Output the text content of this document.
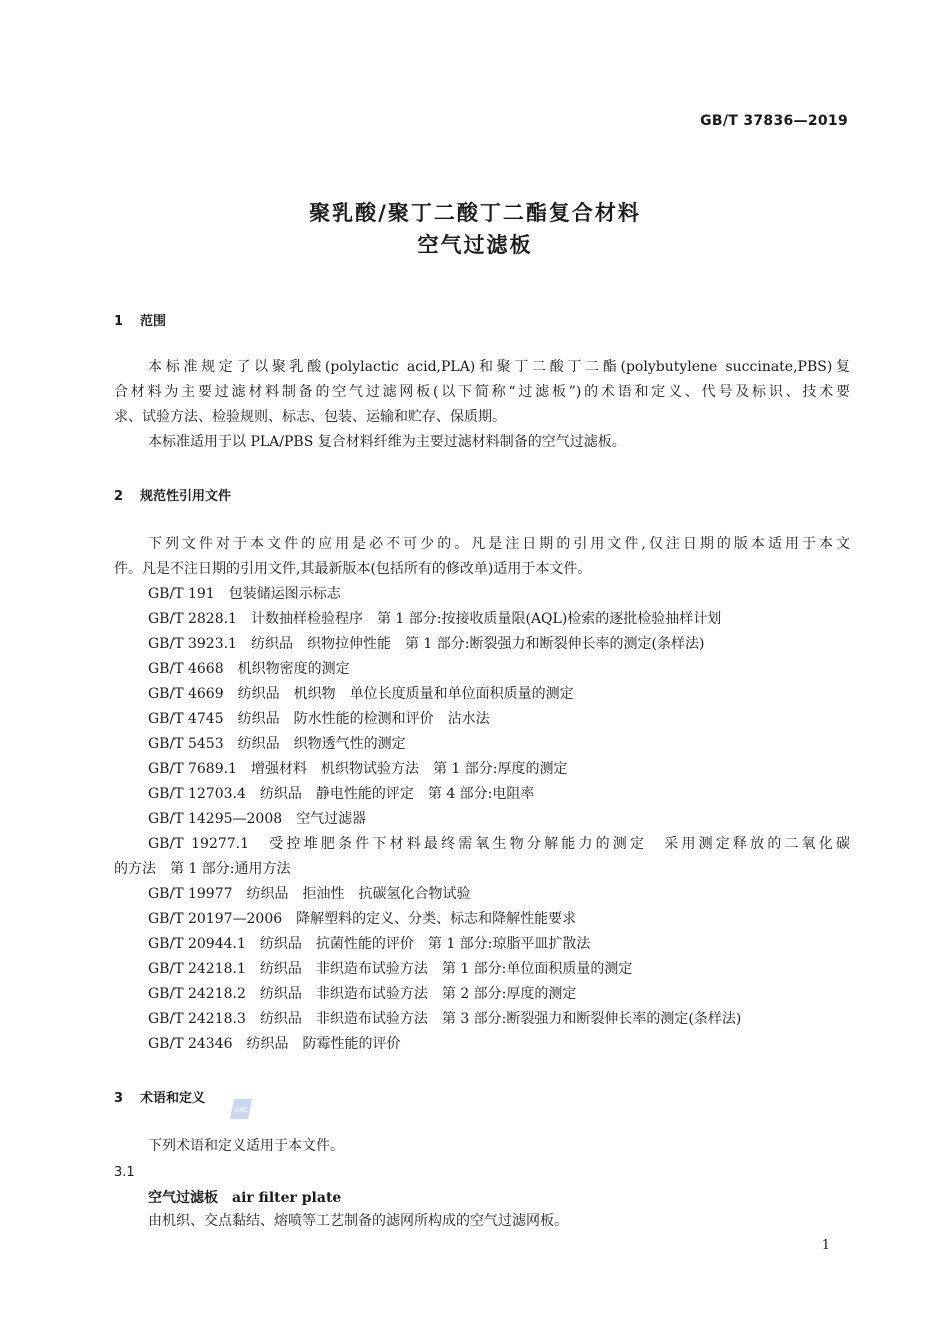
GB/T 37836—2019
聚乳酸/聚丁二酸丁二酯复合材料
空气过滤板
1 范围
本标准规定了以聚乳酸(polylactic acid,PLA)和聚丁二酸丁二酯(polybutylene succinate,PBS)复
合材料为主要过滤材料制备的空气过滤网板(以下简称“过滤板”)的术语和定义、代号及标识、技术要
求、试验方法、检验规则、标志、包装、运输和贮存、保质期。
本标准适用于以 PLA/PBS 复合材料纤维为主要过滤材料制备的空气过滤板。
2 规范性引用文件
下列文件对于本文件的应用是必不可少的。凡是注日期的引用文件,仅注日期的版本适用于本文
件。凡是不注日期的引用文件,其最新版本(包括所有的修改单)适用于本文件。
GB/T 191　包装储运图示标志
GB/T 2828.1　计数抽样检验程序　第 1 部分:按接收质量限(AQL)检索的逐批检验抽样计划
GB/T 3923.1　纺织品　织物拉伸性能　第 1 部分:断裂强力和断裂伸长率的测定(条样法)
GB/T 4668　机织物密度的测定
GB/T 4669　纺织品　机织物　单位长度质量和单位面积质量的测定
GB/T 4745　纺织品　防水性能的检测和评价　沾水法
GB/T 5453　纺织品　织物透气性的测定
GB/T 7689.1　增强材料　机织物试验方法　第 1 部分:厚度的测定
GB/T 12703.4　纺织品　静电性能的评定　第 4 部分:电阻率
GB/T 14295—2008　空气过滤器
GB/T 19277.1　受控堆肥条件下材料最终需氧生物分解能力的测定　采用测定释放的二氧化碳
的方法　第 1 部分:通用方法
GB/T 19977　纺织品　拒油性　抗碳氢化合物试验
GB/T 20197—2006　降解塑料的定义、分类、标志和降解性能要求
GB/T 20944.1　纺织品　抗菌性能的评价　第 1 部分:琼脂平皿扩散法
GB/T 24218.1　纺织品　非织造布试验方法　第 1 部分:单位面积质量的测定
GB/T 24218.2　纺织品　非织造布试验方法　第 2 部分:厚度的测定
GB/T 24218.3　纺织品　非织造布试验方法　第 3 部分:断裂强力和断裂伸长率的测定(条样法)
GB/T 24346　纺织品　防霉性能的评价
3 术语和定义
SAC
下列术语和定义适用于本文件。
3.1
空气过滤板 air filter plate
由机织、交点黏结、熔喷等工艺制备的滤网所构成的空气过滤网板。
1
